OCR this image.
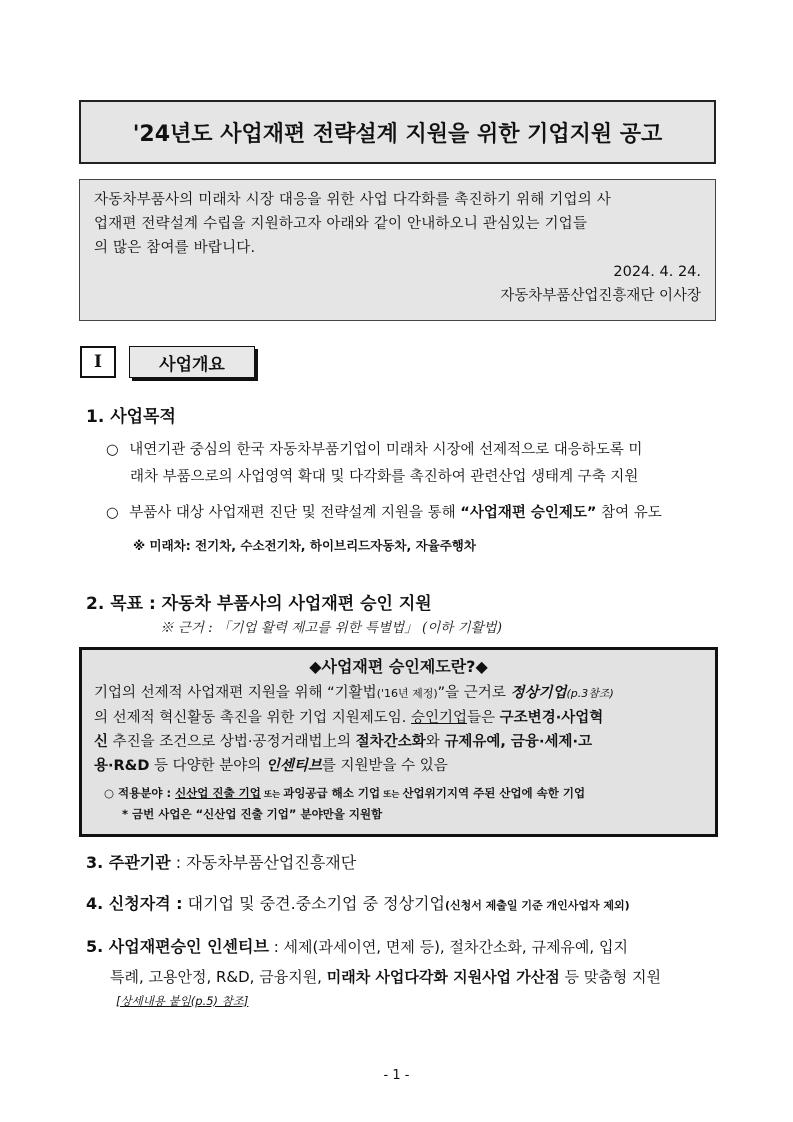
'24년도 사업재편 전략설계 지원을 위한 기업지원 공고
자동차부품사의 미래차 시장 대응을 위한 사업 다각화를 촉진하기 위해 기업의 사
업재편 전략설계 수립을 지원하고자 아래와 같이 안내하오니 관심있는 기업들
의 많은 참여를 바랍니다.
2024. 4. 24.
자동차부품산업진흥재단 이사장
I	사업개요
1. 사업목적
○ 내연기관 중심의 한국 자동차부품기업이 미래차 시장에 선제적으로 대응하도록 미
래차 부품으로의 사업영역 확대 및 다각화를 촉진하여 관련산업 생태계 구축 지원
○ 부품사 대상 사업재편 진단 및 전략설계 지원을 통해 “사업재편 승인제도” 참여 유도
※ 미래차: 전기차, 수소전기차, 하이브리드자동차, 자율주행차
2. 목표 : 자동차 부품사의 사업재편 승인 지원
※ 근거 : 「기업 활력 제고를 위한 특별법」 (이하 기활법)
◆사업재편 승인제도란?◆
기업의 선제적 사업재편 지원을 위해 “기활법('16년 제정)”을 근거로 정상기업(p.3참조)
의 선제적 혁신활동 촉진을 위한 기업 지원제도임. 승인기업들은 구조변경·사업혁
신 추진을 조건으로 상법·공정거래법上의 절차간소화와 규제유예, 금융·세제·고
용·R&D 등 다양한 분야의 인센티브를 지원받을 수 있음
○ 적용분야 : 신산업 진출 기업 또는 과잉공급 해소 기업 또는 산업위기지역 주된 산업에 속한 기업
* 금번 사업은 “신산업 진출 기업” 분야만을 지원함
3. 주관기관 : 자동차부품산업진흥재단
4. 신청자격 : 대기업 및 중견.중소기업 중 정상기업(신청서 제출일 기준 개인사업자 제외)
5. 사업재편승인 인센티브 : 세제(과세이연, 면제 등), 절차간소화, 규제유예, 입지
특례, 고용안정, R&D, 금융지원, 미래차 사업다각화 지원사업 가산점 등 맞춤형 지원
[상세내용 붙임(p.5) 참조]
- 1 -
